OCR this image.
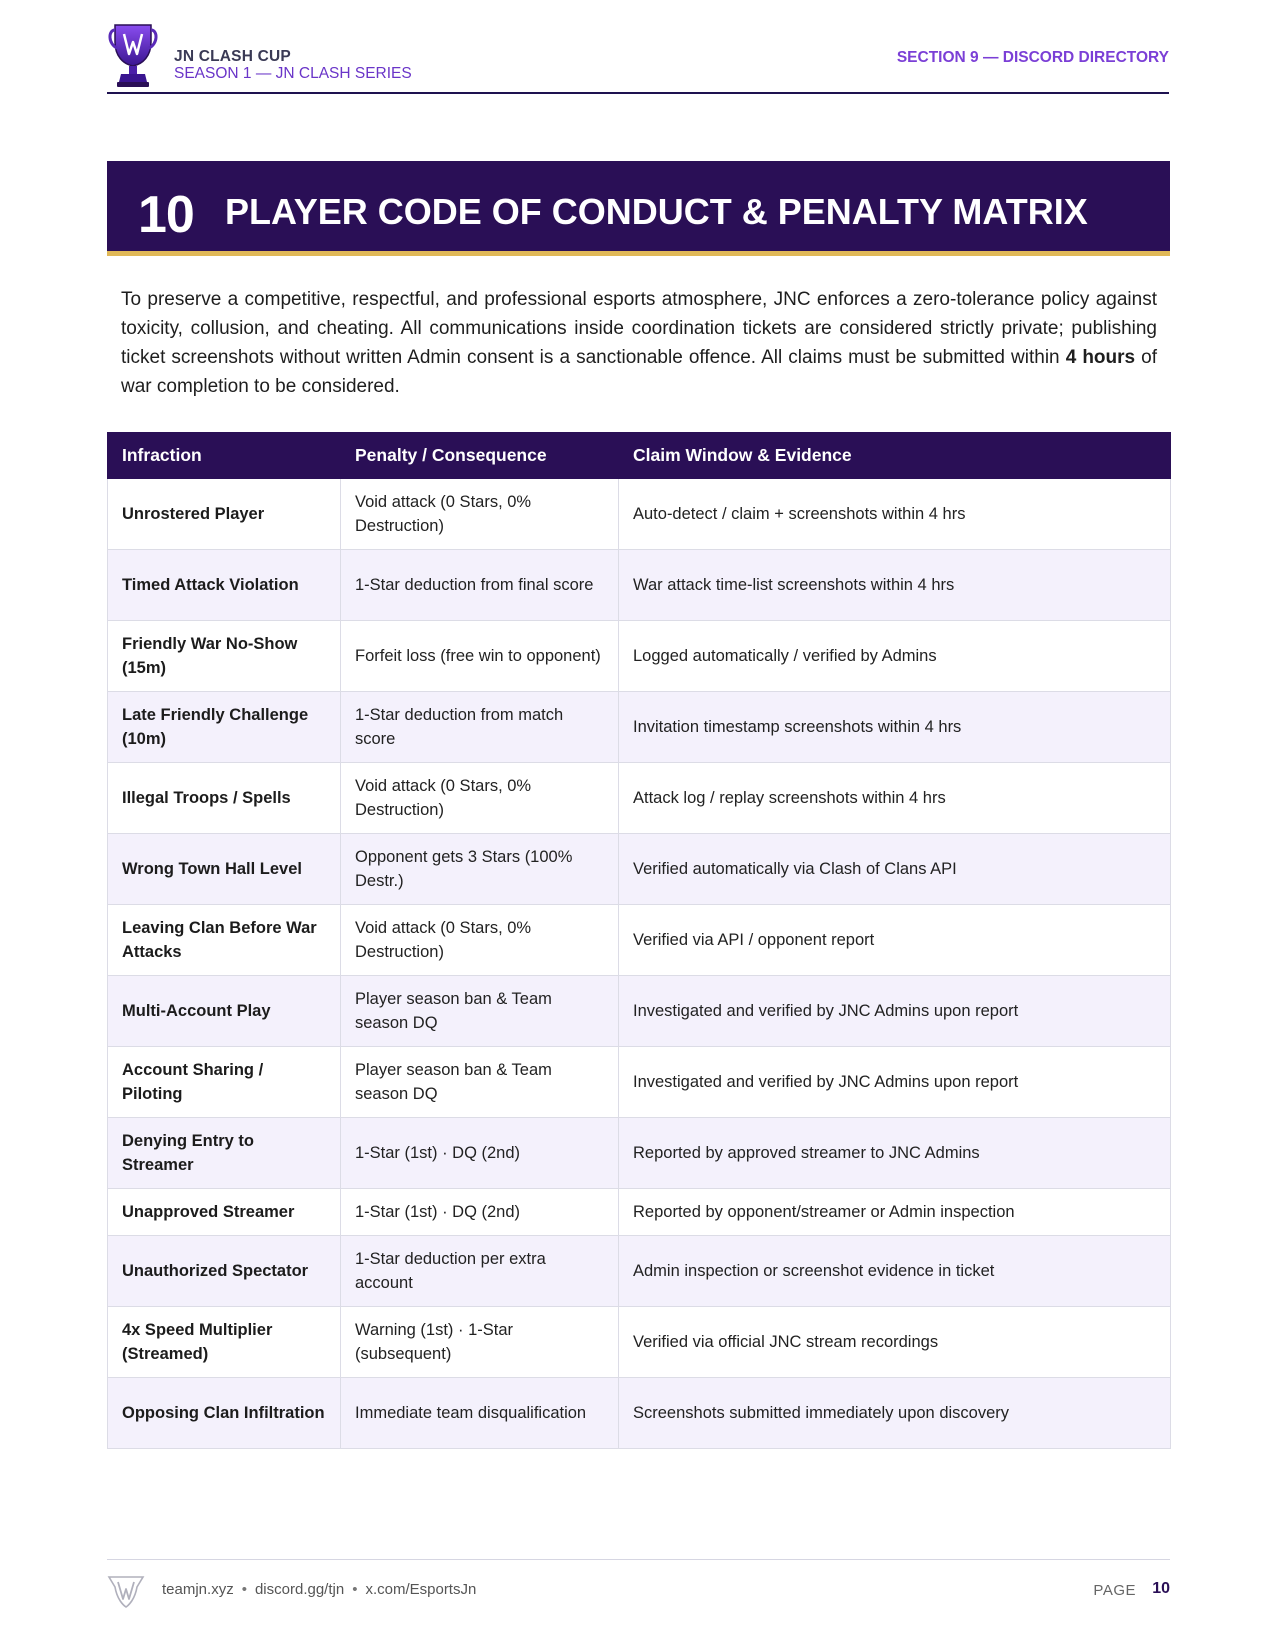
JN CLASH CUP
SEASON 1 — JN CLASH SERIES
SECTION 9 — DISCORD DIRECTORY
10 PLAYER CODE OF CONDUCT & PENALTY MATRIX

To preserve a competitive, respectful, and professional esports atmosphere, JNC enforces a zero-tolerance policy against toxicity, collusion, and cheating. All communications inside coordination tickets are considered strictly private; publishing ticket screenshots without written Admin consent is a sanctionable offence. All claims must be submitted within 4 hours of war completion to be considered.

Infraction	Penalty / Consequence	Claim Window & Evidence
Unrostered Player	Void attack (0 Stars, 0% Destruction)	Auto-detect / claim + screenshots within 4 hrs
Timed Attack Violation	1-Star deduction from final score	War attack time-list screenshots within 4 hrs
Friendly War No-Show (15m)	Forfeit loss (free win to opponent)	Logged automatically / verified by Admins
Late Friendly Challenge (10m)	1-Star deduction from match score	Invitation timestamp screenshots within 4 hrs
Illegal Troops / Spells	Void attack (0 Stars, 0% Destruction)	Attack log / replay screenshots within 4 hrs
Wrong Town Hall Level	Opponent gets 3 Stars (100% Destr.)	Verified automatically via Clash of Clans API
Leaving Clan Before War Attacks	Void attack (0 Stars, 0% Destruction)	Verified via API / opponent report
Multi-Account Play	Player season ban & Team season DQ	Investigated and verified by JNC Admins upon report
Account Sharing / Piloting	Player season ban & Team season DQ	Investigated and verified by JNC Admins upon report
Denying Entry to Streamer	1-Star (1st) · DQ (2nd)	Reported by approved streamer to JNC Admins
Unapproved Streamer	1-Star (1st) · DQ (2nd)	Reported by opponent/streamer or Admin inspection
Unauthorized Spectator	1-Star deduction per extra account	Admin inspection or screenshot evidence in ticket
4x Speed Multiplier (Streamed)	Warning (1st) · 1-Star (subsequent)	Verified via official JNC stream recordings
Opposing Clan Infiltration	Immediate team disqualification	Screenshots submitted immediately upon discovery
teamjn.xyz • discord.gg/tjn • x.com/EsportsJn	PAGE 10
